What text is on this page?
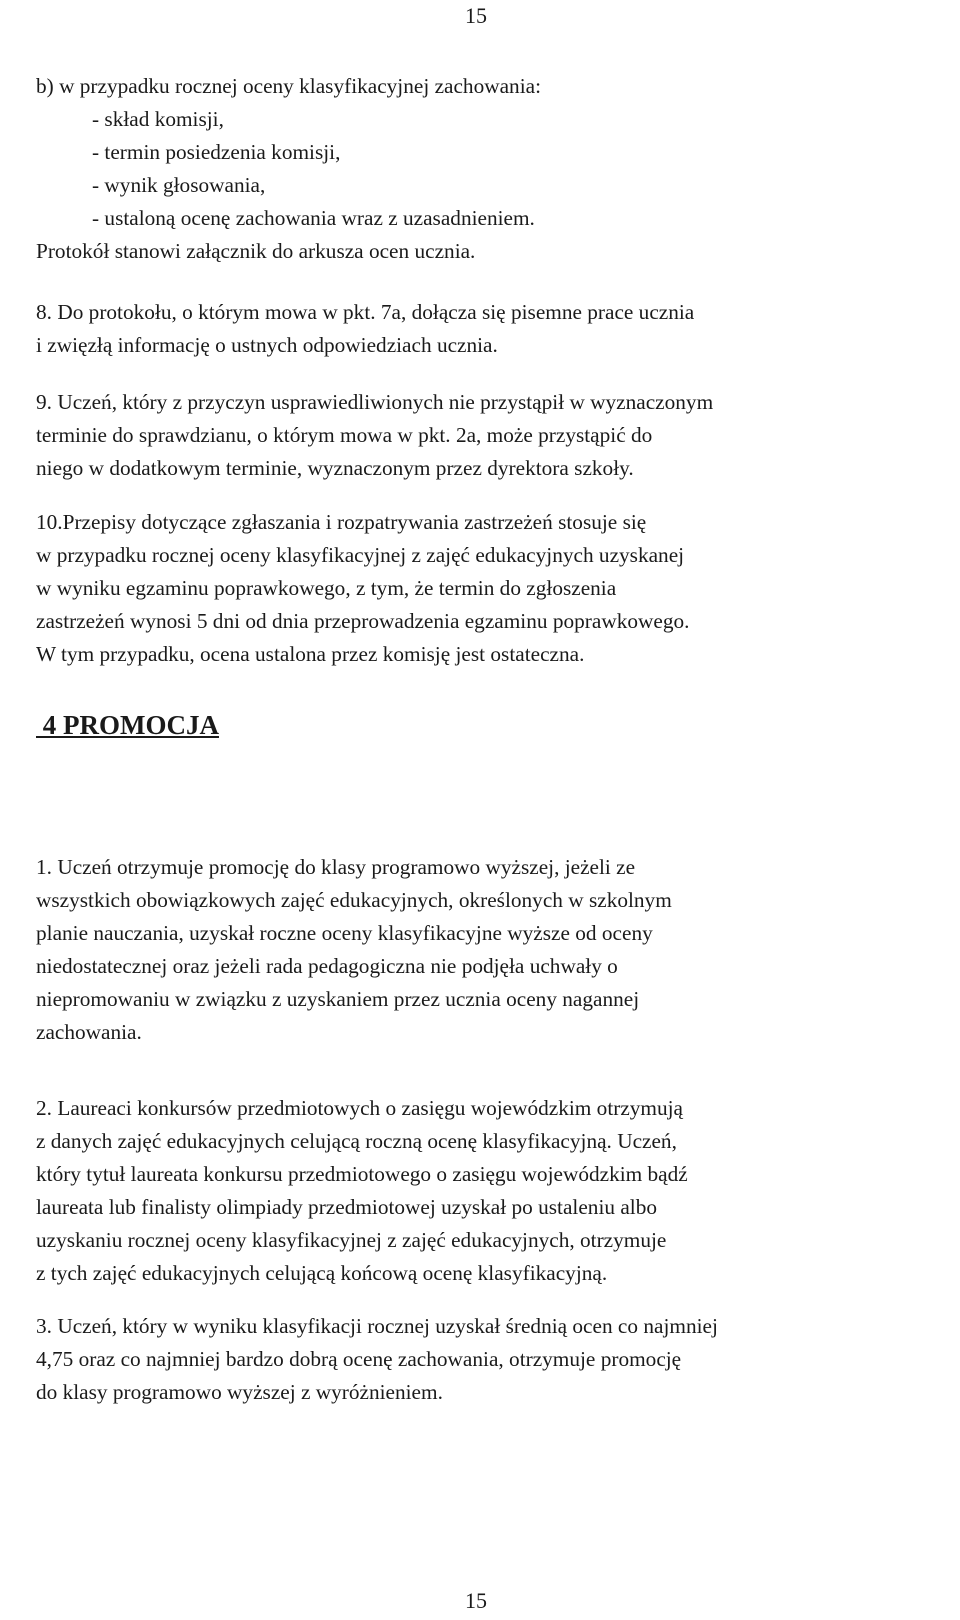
15
b) w przypadku rocznej oceny klasyfikacyjnej zachowania:
- skład komisji,
- termin posiedzenia komisji,
- wynik głosowania,
- ustaloną ocenę zachowania wraz z uzasadnieniem.
Protokół stanowi załącznik do arkusza ocen ucznia.
8. Do protokołu, o którym mowa w pkt. 7a, dołącza się pisemne prace ucznia
i zwięzłą informację o ustnych odpowiedziach ucznia.
9. Uczeń, który z przyczyn usprawiedliwionych nie przystąpił w wyznaczonym
terminie do sprawdzianu, o którym mowa w pkt. 2a, może przystąpić do
niego w dodatkowym terminie, wyznaczonym przez dyrektora szkoły.
10.Przepisy dotyczące zgłaszania i rozpatrywania zastrzeżeń stosuje się
w przypadku rocznej oceny klasyfikacyjnej z zajęć edukacyjnych uzyskanej
w wyniku egzaminu poprawkowego, z tym, że termin do zgłoszenia
zastrzeżeń wynosi 5 dni od dnia przeprowadzenia egzaminu poprawkowego.
W tym przypadku, ocena ustalona przez komisję jest ostateczna.
4 PROMOCJA
1. Uczeń otrzymuje promocję do klasy programowo wyższej, jeżeli ze
wszystkich obowiązkowych zajęć edukacyjnych, określonych w szkolnym
planie nauczania, uzyskał roczne oceny klasyfikacyjne wyższe od oceny
niedostatecznej oraz jeżeli rada pedagogiczna nie podjęła uchwały o
niepromowaniu w związku z uzyskaniem przez ucznia oceny nagannej
zachowania.
2. Laureaci konkursów przedmiotowych o zasięgu wojewódzkim otrzymują
z danych zajęć edukacyjnych celującą roczną ocenę klasyfikacyjną. Uczeń,
który tytuł laureata konkursu przedmiotowego o zasięgu wojewódzkim bądź
laureata lub finalisty olimpiady przedmiotowej uzyskał po ustaleniu albo
uzyskaniu rocznej oceny klasyfikacyjnej z zajęć edukacyjnych, otrzymuje
z tych zajęć edukacyjnych celującą końcową ocenę klasyfikacyjną.
3. Uczeń, który w wyniku klasyfikacji rocznej uzyskał średnią ocen co najmniej
4,75 oraz co najmniej bardzo dobrą ocenę zachowania, otrzymuje promocję
do klasy programowo wyższej z wyróżnieniem.
15
